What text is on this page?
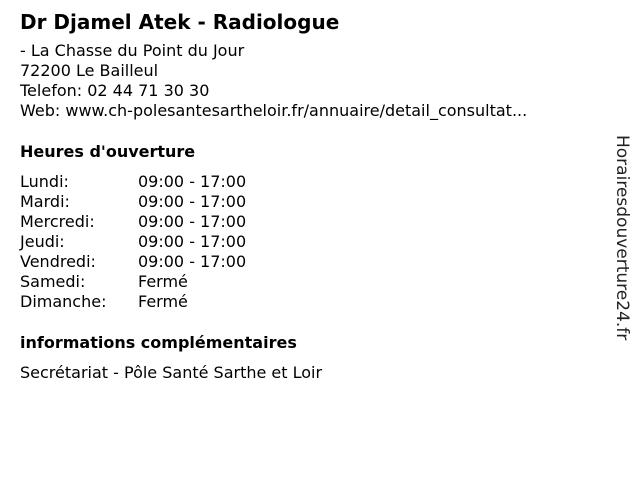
Dr Djamel Atek - Radiologue
- La Chasse du Point du Jour
72200 Le Bailleul
Telefon: 02 44 71 30 30
Web: www.ch-polesantesartheloir.fr/annuaire/detail_consultat...
Heures d'ouverture
Lundi:	09:00 - 17:00
Mardi:	09:00 - 17:00
Mercredi:	09:00 - 17:00
Jeudi:	09:00 - 17:00
Vendredi:	09:00 - 17:00
Samedi:	Fermé
Dimanche:	Fermé
informations complémentaires
Secrétariat - Pôle Santé Sarthe et Loir
Horairesdouverture24.fr
